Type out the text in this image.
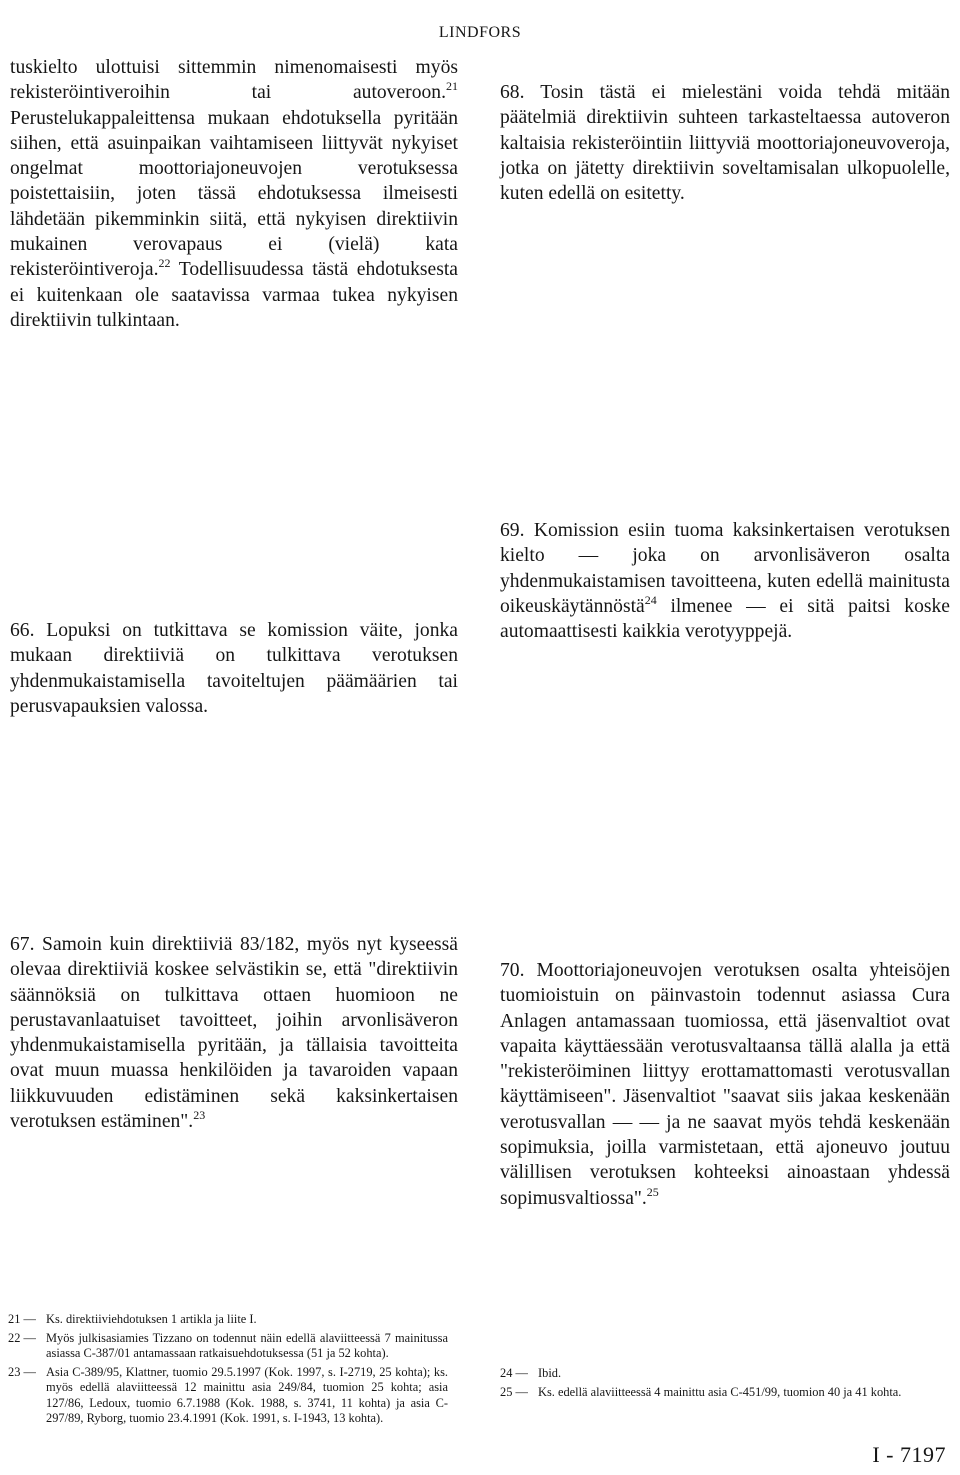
LINDFORS

tuskielto ulottuisi sittemmin nimenomaisesti myös rekisteröintiveroihin tai autoveroon.$^{21}$ Perustelukappaleittensa mukaan ehdotuksella pyritään siihen, että asuinpaikan vaihtamiseen liittyvät nykyiset ongelmat moottoriajoneuvojen verotuksessa poistettaisiin, joten tässä ehdotuksessa ilmeisesti lähdetään pikemminkin siitä, että nykyisen direktiivin mukainen verovapaus ei (vielä) kata rekisteröintiveroja.$^{22}$ Todellisuudessa tästä ehdotuksesta ei kuitenkaan ole saatavissa varmaa tukea nykyisen direktiivin tulkintaan.

66. Lopuksi on tutkittava se komission väite, jonka mukaan direktiiviä on tulkittava verotuksen yhdenmukaistamisella tavoiteltujen päämäärien tai perusvapauksien valossa.

67. Samoin kuin direktiiviä 83/182, myös nyt kyseessä olevaa direktiiviä koskee selvästikin se, että "direktiivin säännöksiä on tulkittava ottaen huomioon ne perustavanlaatuiset tavoitteet, joihin arvonlisäveron yhdenmukaistamisella pyritään, ja tällaisia tavoitteita ovat muun muassa henkilöiden ja tavaroiden vapaan liikkuvuuden edistäminen sekä kaksinkertaisen verotuksen estäminen".$^{23}$

68. Tosin tästä ei mielestäni voida tehdä mitään päätelmiä direktiivin suhteen tarkasteltaessa autoveron kaltaisia rekisteröintiin liittyviä moottoriajoneuvoveroja, jotka on jätetty direktiivin soveltamisalan ulkopuolelle, kuten edellä on esitetty.

69. Komission esiin tuoma kaksinkertaisen verotuksen kielto — joka on arvonlisäveron osalta yhdenmukaistamisen tavoitteena, kuten edellä mainitusta oikeuskäytännöstä$^{24}$ ilmenee — ei sitä paitsi koske automaattisesti kaikkia verotyyppejä.

70. Moottoriajoneuvojen verotuksen osalta yhteisöjen tuomioistuin on päinvastoin todennut asiassa Cura Anlagen antamassaan tuomiossa, että jäsenvaltiot ovat vapaita käyttäessään verotusvaltaansa tällä alalla ja että "rekisteröiminen liittyy erottamattomasti verotusvallan käyttämiseen". Jäsenvaltiot "saavat siis jakaa keskenään verotusvallan — — ja ne saavat myös tehdä keskenään sopimuksia, joilla varmistetaan, että ajoneuvo joutuu välillisen verotuksen kohteeksi ainoastaan yhdessä sopimusvaltiossa".$^{25}$

21 — Ks. direktiiviehdotuksen 1 artikla ja liite I.
22 — Myös julkisasiamies Tizzano on todennut näin edellä alaviitteessä 7 mainitussa asiassa C-387/01 antamassaan ratkaisuehdotuksessa (51 ja 52 kohta).
23 — Asia C-389/95, Klattner, tuomio 29.5.1997 (Kok. 1997, s. I-2719, 25 kohta); ks. myös edellä alaviitteessä 12 mainittu asia 249/84, tuomion 25 kohta; asia 127/86, Ledoux, tuomio 6.7.1988 (Kok. 1988, s. 3741, 11 kohta) ja asia C-297/89, Ryborg, tuomio 23.4.1991 (Kok. 1991, s. I-1943, 13 kohta).
24 — Ibid.
25 — Ks. edellä alaviitteessä 4 mainittu asia C-451/99, tuomion 40 ja 41 kohta.
I - 7197
